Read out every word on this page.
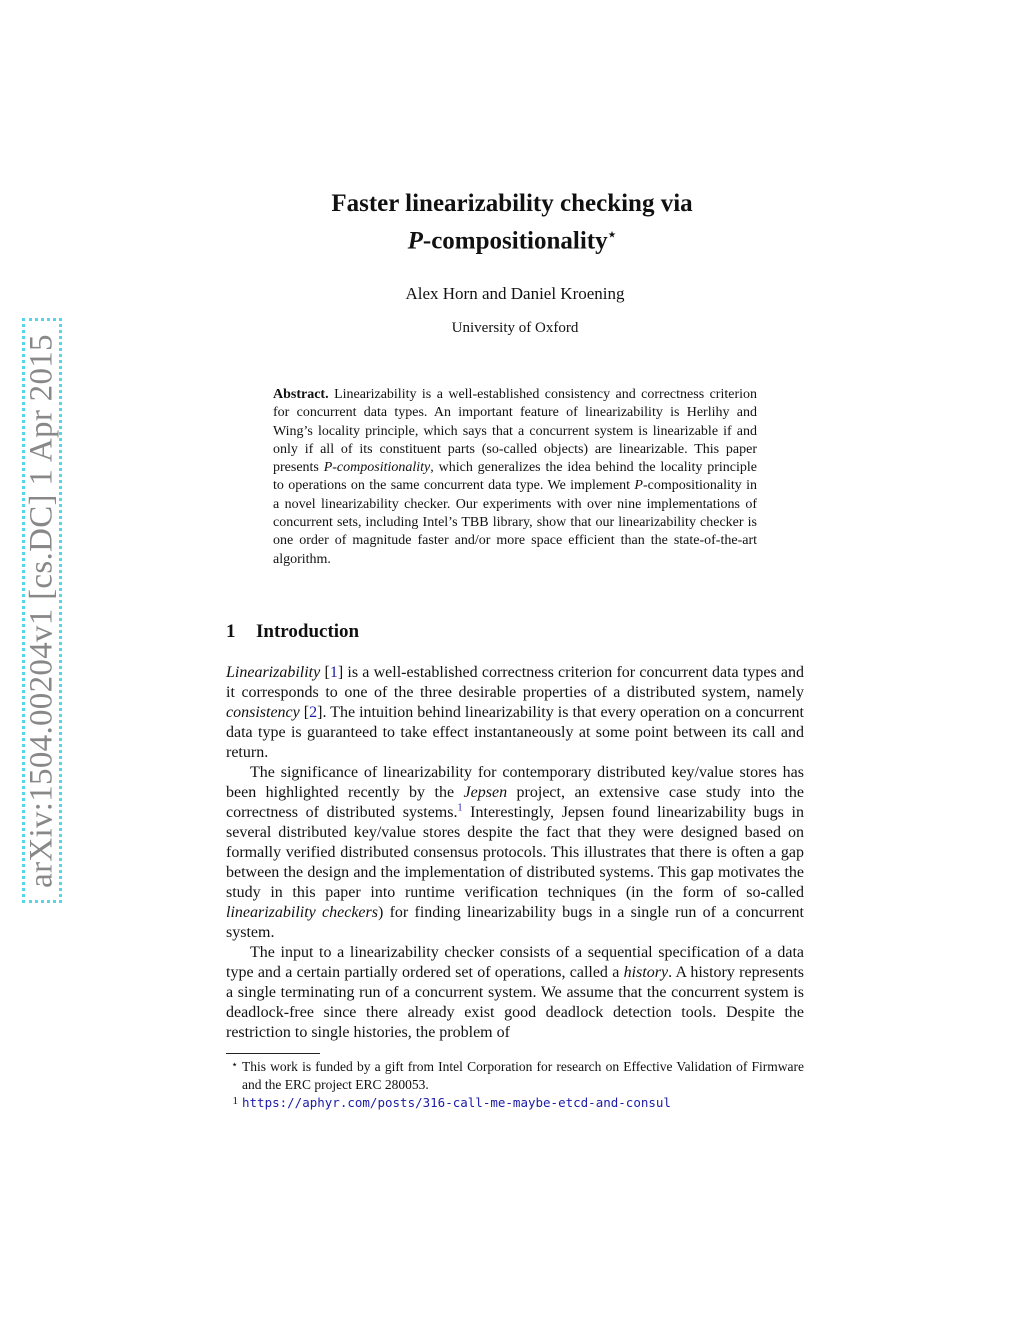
arXiv:1504.00204v1 [cs.DC] 1 Apr 2015
Faster linearizability checking via
P-compositionality⋆
Alex Horn and Daniel Kroening
University of Oxford
Abstract. Linearizability is a well-established consistency and correctness criterion for concurrent data types. An important feature of linearizability is Herlihy and Wing’s locality principle, which says that a concurrent system is linearizable if and only if all of its constituent parts (so-called objects) are linearizable. This paper presents P-compositionality, which generalizes the idea behind the locality principle to operations on the same concurrent data type. We implement P-compositionality in a novel linearizability checker. Our experiments with over nine implementations of concurrent sets, including Intel’s TBB library, show that our linearizability checker is one order of magnitude faster and/or more space efficient than the state-of-the-art algorithm.
1 Introduction

Linearizability [1] is a well-established correctness criterion for concurrent data types and it corresponds to one of the three desirable properties of a distributed system, namely consistency [2]. The intuition behind linearizability is that every operation on a concurrent data type is guaranteed to take effect instantaneously at some point between its call and return.

The significance of linearizability for contemporary distributed key/value stores has been highlighted recently by the Jepsen project, an extensive case study into the correctness of distributed systems.$^1$ Interestingly, Jepsen found linearizability bugs in several distributed key/value stores despite the fact that they were designed based on formally verified distributed consensus protocols. This illustrates that there is often a gap between the design and the implementation of distributed systems. This gap motivates the study in this paper into runtime verification techniques (in the form of so-called linearizability checkers) for finding linearizability bugs in a single run of a concurrent system.

The input to a linearizability checker consists of a sequential specification of a data type and a certain partially ordered set of operations, called a history. A history represents a single terminating run of a concurrent system. We assume that the concurrent system is deadlock-free since there already exist good deadlock detection tools. Despite the restriction to single histories, the problem of

⋆ This work is funded by a gift from Intel Corporation for research on Effective Validation of Firmware and the ERC project ERC 280053.
1 https://aphyr.com/posts/316-call-me-maybe-etcd-and-consul
